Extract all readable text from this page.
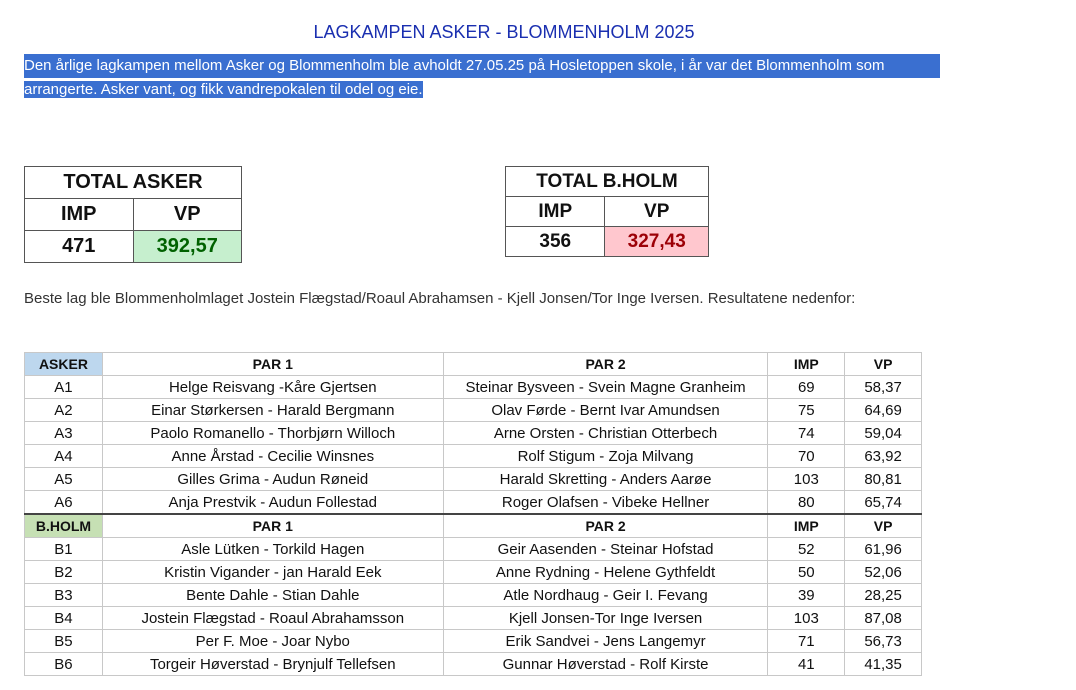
LAGKAMPEN ASKER - BLOMMENHOLM 2025
Den årlige lagkampen mellom Asker og Blommenholm ble avholdt 27.05.25 på Hosletoppen skole, i år var det Blommenholm som
arrangerte. Asker vant, og fikk vandrepokalen til odel og eie.
TOTAL ASKER	
IMP	VP
471	392,57
TOTAL B.HOLM	
IMP	VP
356	327,43
Beste lag ble Blommenholmlaget Jostein Flægstad/Roaul Abrahamsen - Kjell Jonsen/Tor Inge Iversen. Resultatene nedenfor:
ASKER	PAR 1	PAR 2	IMP	VP
A1	Helge Reisvang -Kåre Gjertsen	Steinar Bysveen - Svein Magne Granheim	69	58,37
A2	Einar Størkersen - Harald Bergmann	Olav Førde - Bernt Ivar Amundsen	75	64,69
A3	Paolo Romanello - Thorbjørn Willoch	Arne Orsten - Christian Otterbech	74	59,04
A4	Anne Årstad - Cecilie Winsnes	Rolf Stigum - Zoja Milvang	70	63,92
A5	Gilles Grima - Audun Røneid	Harald Skretting - Anders Aarøe	103	80,81
A6	Anja Prestvik - Audun Follestad	Roger Olafsen - Vibeke Hellner	80	65,74
B.HOLM	PAR 1	PAR 2	IMP	VP
B1	Asle Lütken - Torkild Hagen	Geir Aasenden - Steinar Hofstad	52	61,96
B2	Kristin Vigander - jan Harald Eek	Anne Rydning - Helene Gythfeldt	50	52,06
B3	Bente Dahle - Stian Dahle	Atle Nordhaug - Geir I. Fevang	39	28,25
B4	Jostein Flægstad - Roaul Abrahamsson	Kjell Jonsen-Tor Inge Iversen	103	87,08
B5	Per F. Moe - Joar Nybo	Erik Sandvei - Jens Langemyr	71	56,73
B6	Torgeir Høverstad - Brynjulf Tellefsen	Gunnar Høverstad - Rolf Kirste	41	41,35
